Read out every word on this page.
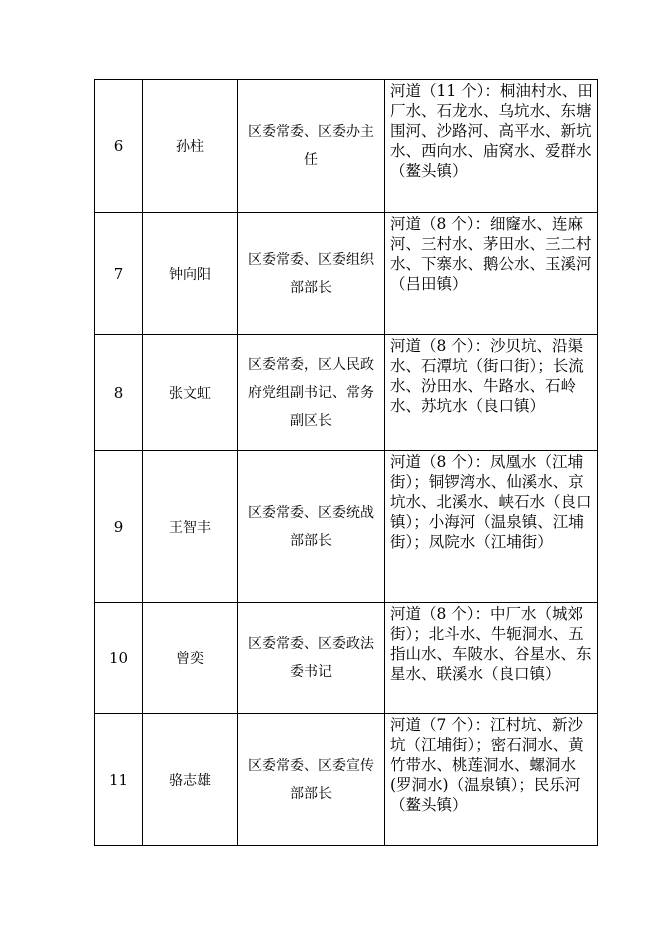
6	孙柱	区委常委、区委办主任	河道（11 个）：桐油村水、田厂水、石龙水、乌坑水、东塘围河、沙路河、高平水、新坑水、西向水、庙窝水、爱群水（鳌头镇）
7	钟向阳	区委常委、区委组织部部长	河道（8 个）：细窿水、连麻河、三村水、茅田水、三二村水、下寨水、鹅公水、玉溪河（吕田镇）
8	张文虹	区委常委，区人民政府党组副书记、常务副区长	河道（8 个）：沙贝坑、沿渠水、石潭坑（街口街）；长流水、汾田水、牛路水、石岭水、苏坑水（良口镇）
9	王智丰	区委常委、区委统战部部长	河道（8 个）：凤凰水（江埔街）；铜锣湾水、仙溪水、京坑水、北溪水、峡石水（良口镇）；小海河（温泉镇、江埔街）；凤院水（江埔街）
10	曾奕	区委常委、区委政法委书记	河道（8 个）：中厂水（城郊街）；北斗水、牛轭洞水、五指山水、车陂水、谷星水、东星水、联溪水（良口镇）
11	骆志雄	区委常委、区委宣传部部长	河道（7 个）：江村坑、新沙坑（江埔街）；密石洞水、黄竹带水、桃莲洞水、螺洞水(罗洞水)（温泉镇）；民乐河（鳌头镇）
